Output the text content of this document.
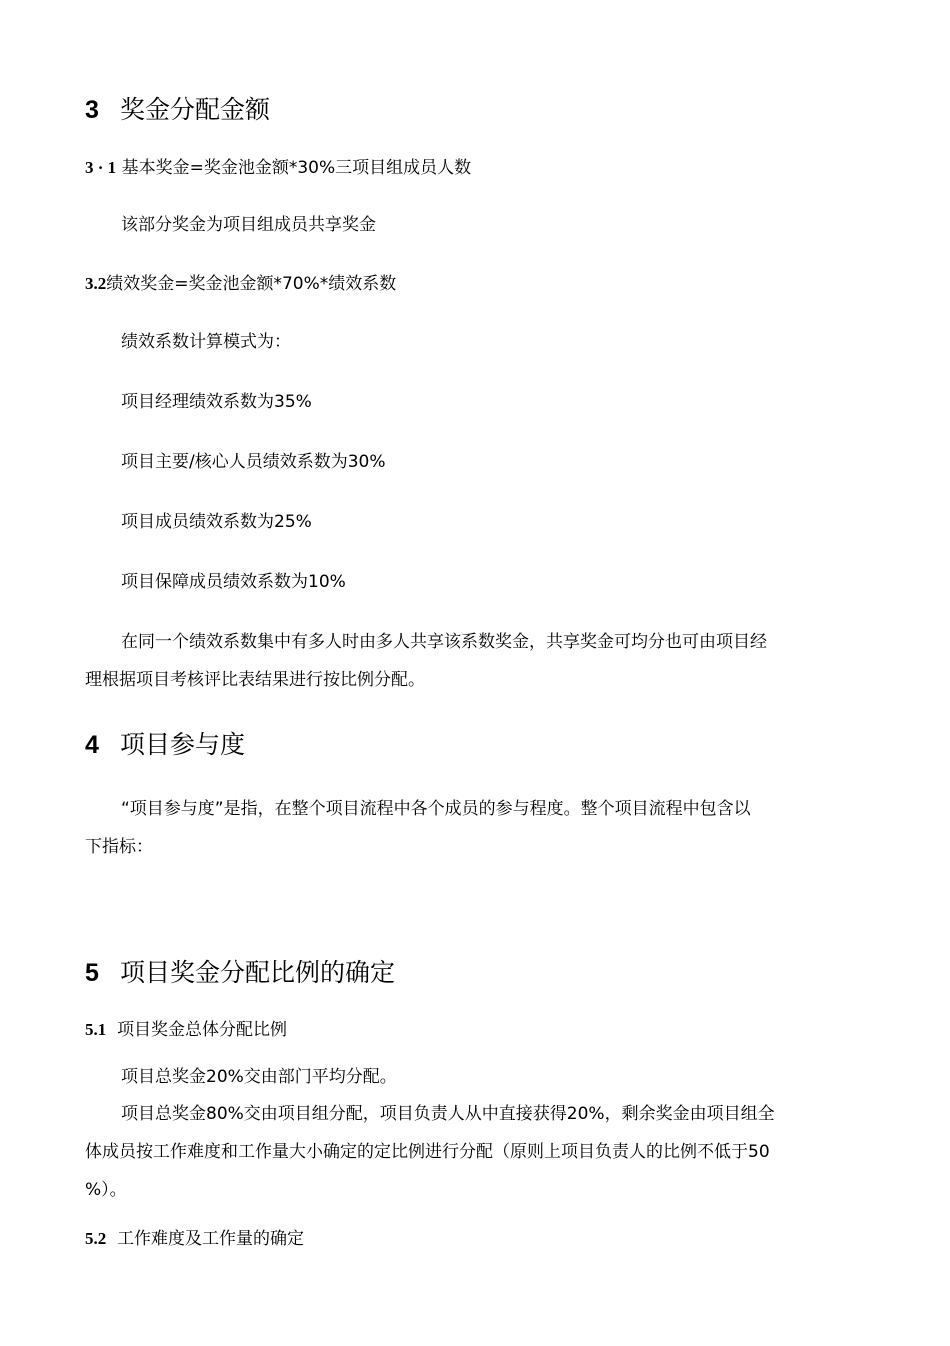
3 奖金分配金额
3 · 1 基本奖金=奖金池金额*30%三项目组成员人数
该部分奖金为项目组成员共享奖金
3.2绩效奖金=奖金池金额*70%*绩效系数
绩效系数计算模式为：
项目经理绩效系数为35%
项目主要/核心人员绩效系数为30%
项目成员绩效系数为25%
项目保障成员绩效系数为10%
在同一个绩效系数集中有多人时由多人共享该系数奖金，共享奖金可均分也可由项目经
理根据项目考核评比表结果进行按比例分配。
4 项目参与度
“项目参与度”是指，在整个项目流程中各个成员的参与程度。整个项目流程中包含以
下指标：
5 项目奖金分配比例的确定
5.1 项目奖金总体分配比例
项目总奖金20%交由部门平均分配。
项目总奖金80%交由项目组分配，项目负责人从中直接获得20%，剩余奖金由项目组全
体成员按工作难度和工作量大小确定的定比例进行分配（原则上项目负责人的比例不低于50
%）。
5.2 工作难度及工作量的确定
